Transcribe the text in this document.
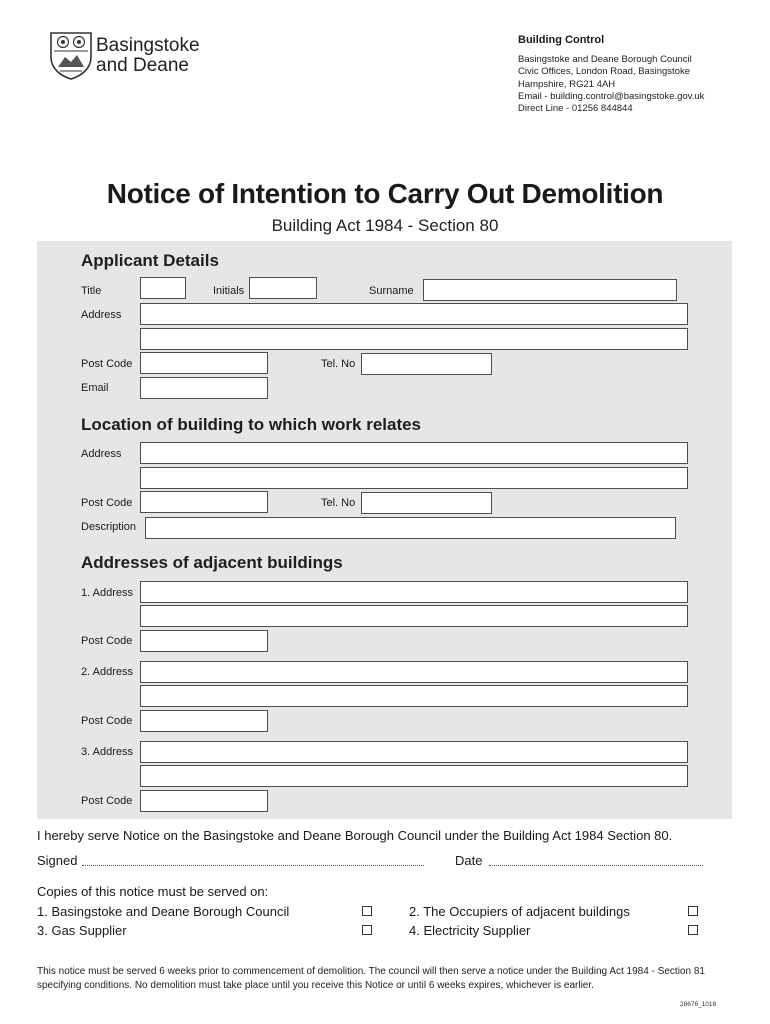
Basingstoke
and Deane
Building Control
Basingstoke and Deane Borough Council
Civic Offices, London Road, Basingstoke
Hampshire, RG21 4AH
Email - building.control@basingstoke.gov.uk
Direct Line - 01256 844844
Notice of Intention to Carry Out Demolition
Building Act 1984 - Section 80
Applicant Details
Title	Initials	Surname
Address
Post Code	Tel. No
Email
Location of building to which work relates
Address
Post Code	Tel. No
Description
Addresses of adjacent buildings
1. Address
Post Code
2. Address
Post Code
3. Address
Post Code
I hereby serve Notice on the Basingstoke and Deane Borough Council under the Building Act 1984 Section 80.
Signed	Date
Copies of this notice must be served on:
1. Basingstoke and Deane Borough Council	2. The Occupiers of adjacent buildings
3. Gas Supplier	4. Electricity Supplier
This notice must be served 6 weeks prior to commencement of demolition. The council will then serve a notice under the Building Act 1984 - Section 81 specifying conditions. No demolition must take place until you receive this Notice or until 6 weeks expires, whichever is earlier.
28676_1018
